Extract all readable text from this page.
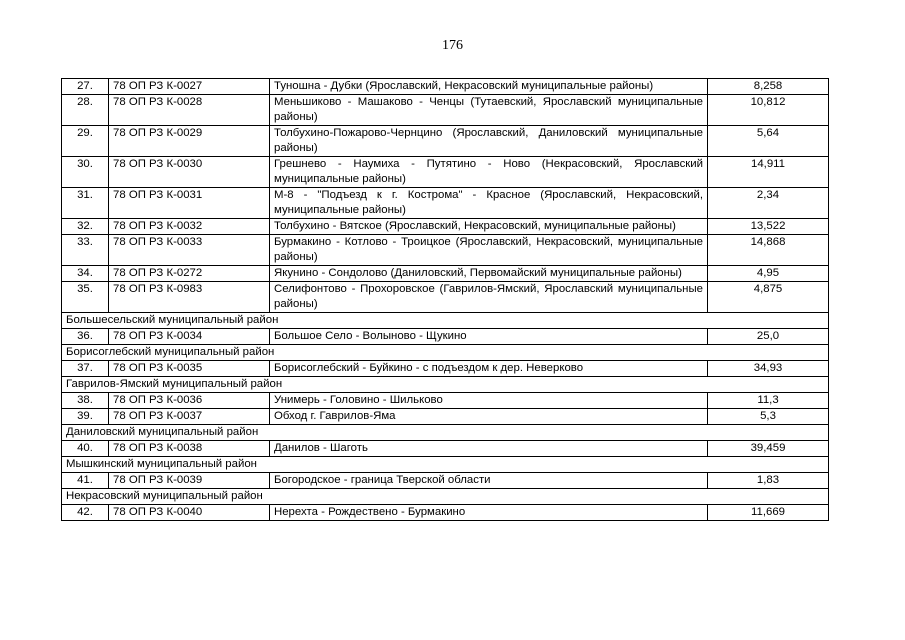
176
27.	78 ОП РЗ К-0027	Туношна - Дубки (Ярославский, Некрасовский муниципальные районы)	8,258
28.	78 ОП РЗ К-0028	Меньшиково - Машаково - Ченцы (Тутаевский, Ярославский муниципальные районы)	10,812
29.	78 ОП РЗ К-0029	Толбухино-Пожарово-Чернцино (Ярославский, Даниловский муниципальные районы)	5,64
30.	78 ОП РЗ К-0030	Грешнево - Наумиха - Путятино - Ново (Некрасовский, Ярославский муниципальные районы)	14,911
31.	78 ОП РЗ К-0031	М-8 - "Подъезд к г. Кострома" - Красное (Ярославский, Некрасовский, муниципальные районы)	2,34
32.	78 ОП РЗ К-0032	Толбухино - Вятское (Ярославский, Некрасовский, муниципальные районы)	13,522
33.	78 ОП РЗ К-0033	Бурмакино - Котлово - Троицкое (Ярославский, Некрасовский, муниципальные районы)	14,868
34.	78 ОП РЗ К-0272	Якунино - Сондолово (Даниловский, Первомайский муниципальные районы)	4,95
35.	78 ОП РЗ К-0983	Селифонтово - Прохоровское (Гаврилов-Ямский, Ярославский муниципальные районы)	4,875
Большесельский муниципальный район			
36.	78 ОП РЗ К-0034	Большое Село - Волыново - Щукино	25,0
Борисоглебский муниципальный район			
37.	78 ОП РЗ К-0035	Борисоглебский - Буйкино - с подъездом к дер. Неверково	34,93
Гаврилов-Ямский муниципальный район			
38.	78 ОП РЗ К-0036	Унимерь - Головино - Шильково	11,3
39.	78 ОП РЗ К-0037	Обход г. Гаврилов-Яма	5,3
Даниловский муниципальный район			
40.	78 ОП РЗ К-0038	Данилов - Шаготь	39,459
Мышкинский муниципальный район			
41.	78 ОП РЗ К-0039	Богородское - граница Тверской области	1,83
Некрасовский муниципальный район			
42.	78 ОП РЗ К-0040	Нерехта - Рождествено - Бурмакино	11,669
